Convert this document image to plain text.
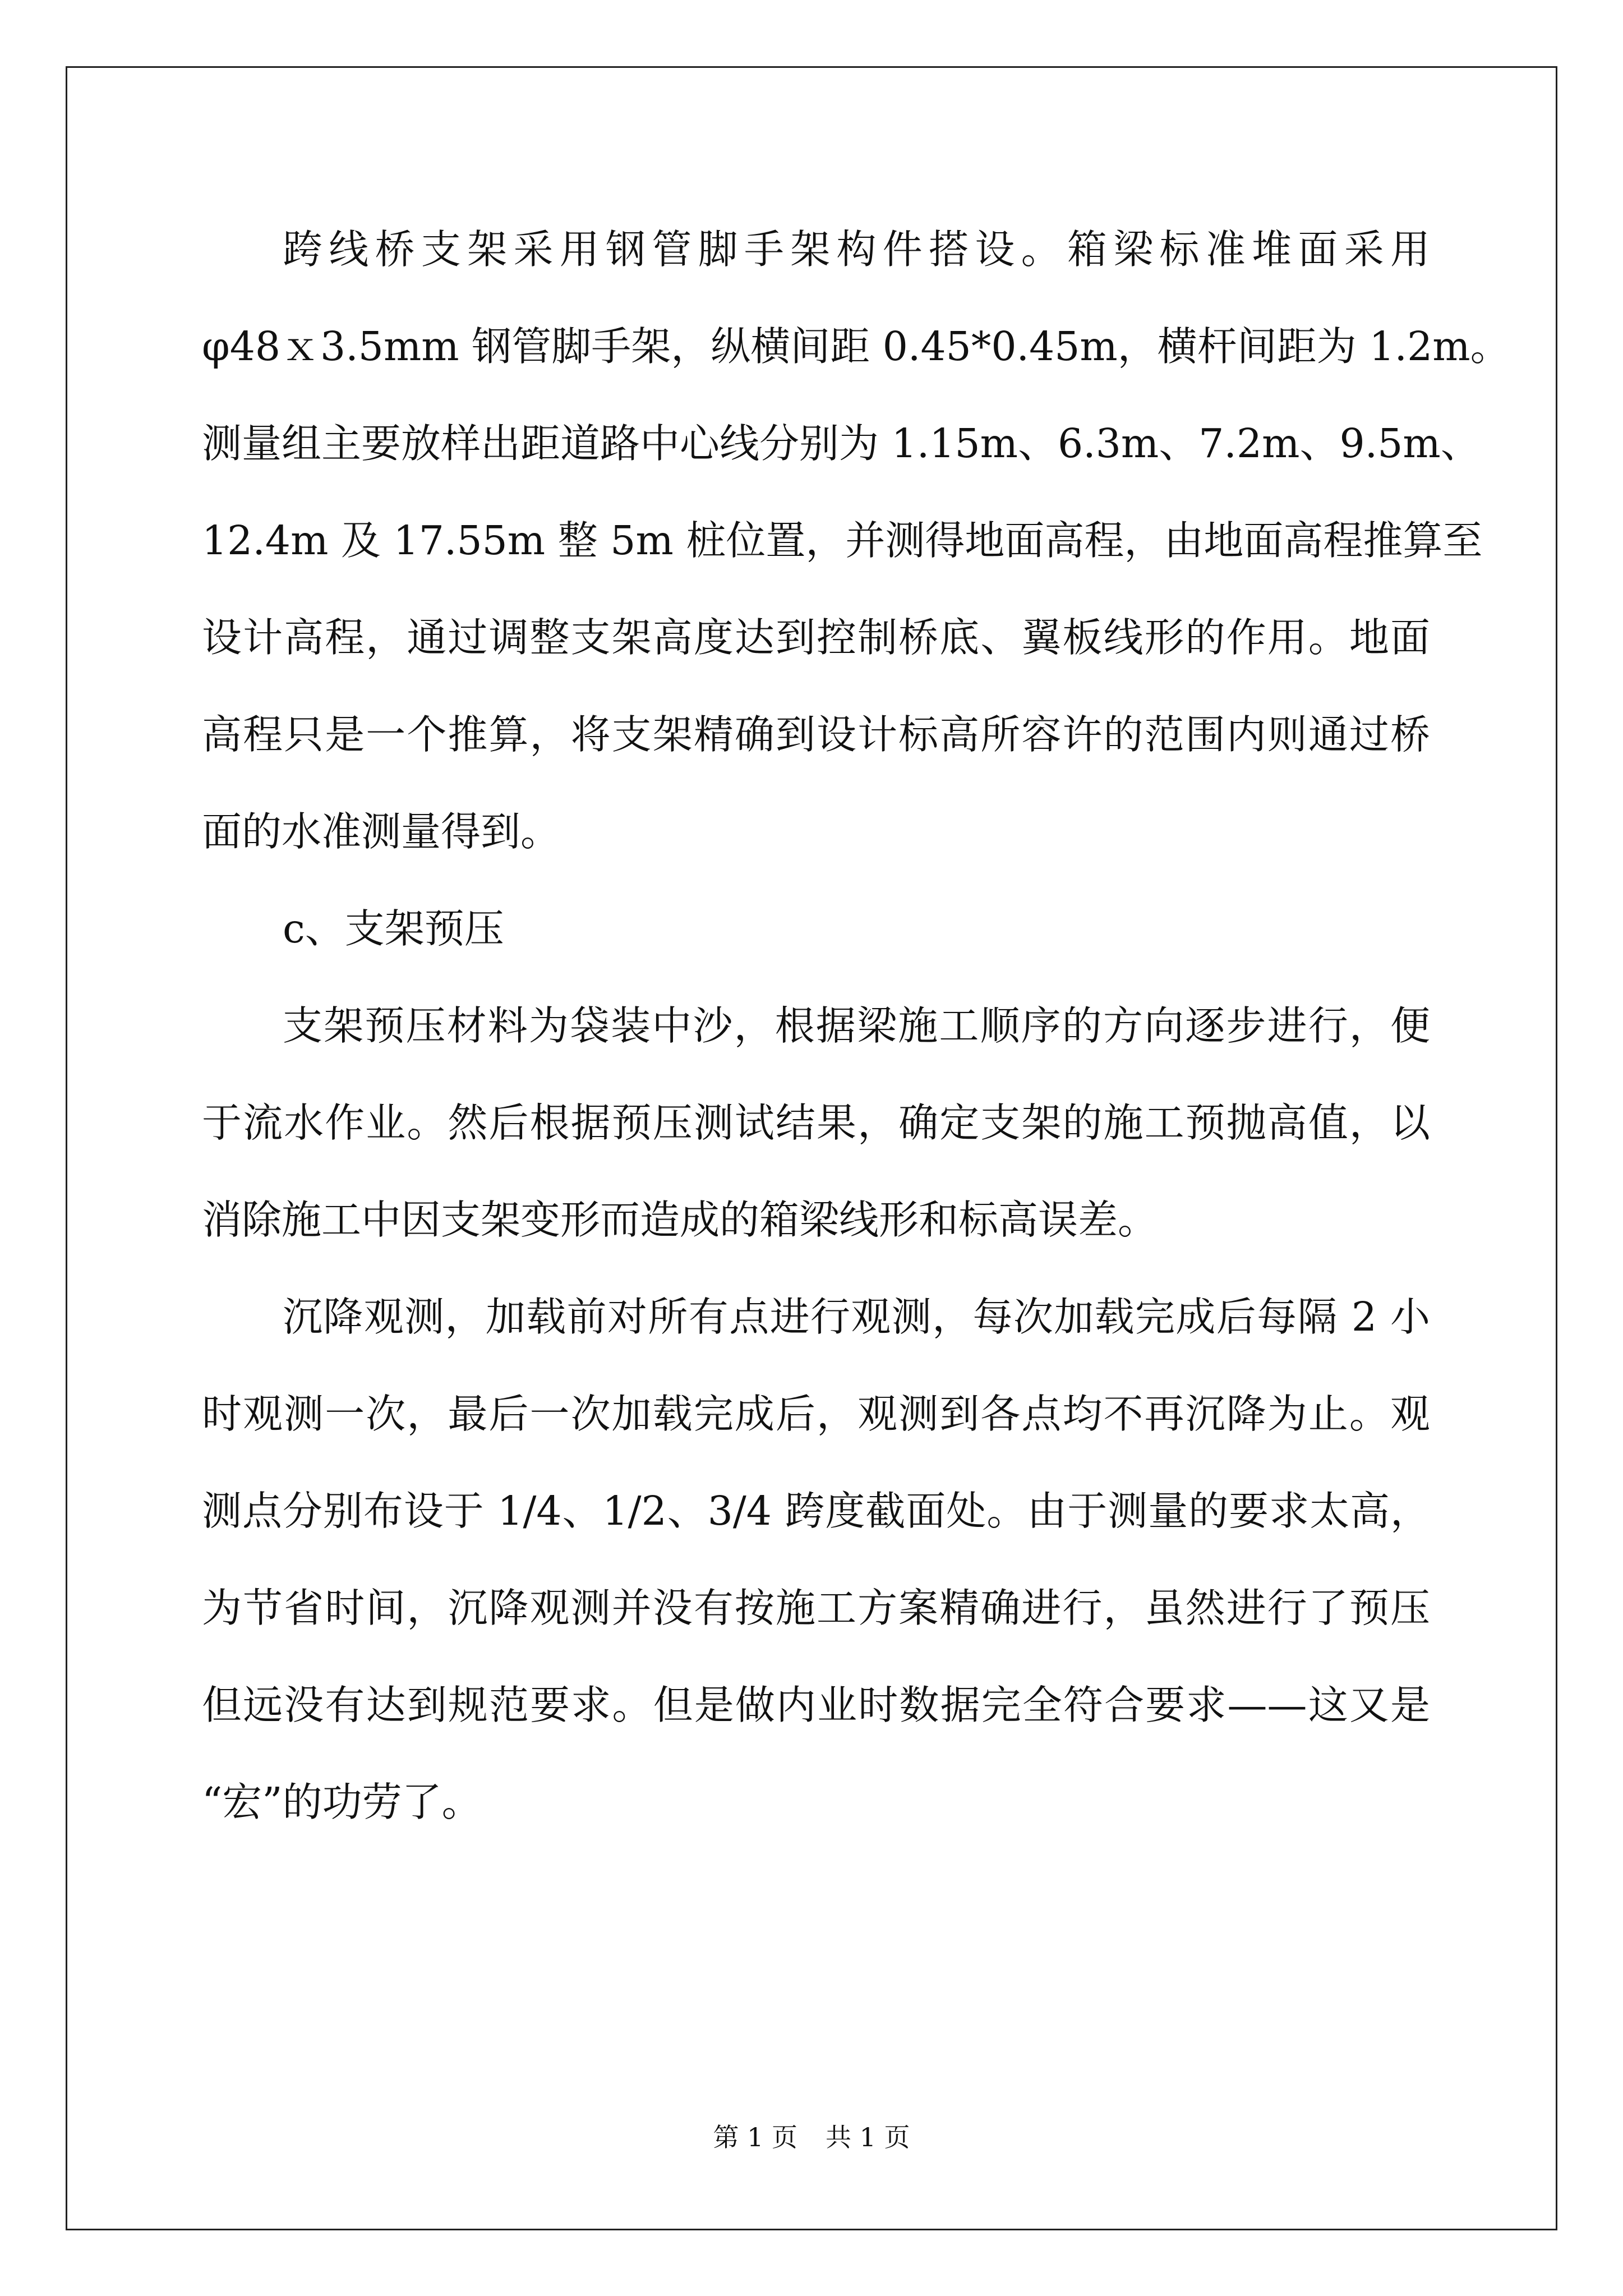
跨线桥支架采用钢管脚手架构件搭设。箱梁标准堆面采用
φ48ｘ3.5mm 钢管脚手架，纵横间距 0.45*0.45m，横杆间距为 1.2m。
测量组主要放样出距道路中心线分别为 1.15m、6.3m、7.2m、9.5m、
12.4m 及 17.55m 整 5m 桩位置，并测得地面高程，由地面高程推算至
设计高程，通过调整支架高度达到控制桥底、翼板线形的作用。地面
高程只是一个推算，将支架精确到设计标高所容许的范围内则通过桥
面的水准测量得到。
c、支架预压
支架预压材料为袋装中沙，根据梁施工顺序的方向逐步进行，便
于流水作业。然后根据预压测试结果，确定支架的施工预抛高值，以
消除施工中因支架变形而造成的箱梁线形和标高误差。
沉降观测，加载前对所有点进行观测，每次加载完成后每隔 2 小
时观测一次，最后一次加载完成后，观测到各点均不再沉降为止。观
测点分别布设于 1/4、1/2、3/4 跨度截面处。由于测量的要求太高，
为节省时间，沉降观测并没有按施工方案精确进行，虽然进行了预压
但远没有达到规范要求。但是做内业时数据完全符合要求——这又是
“宏”的功劳了。
第 1 页 共 1 页
